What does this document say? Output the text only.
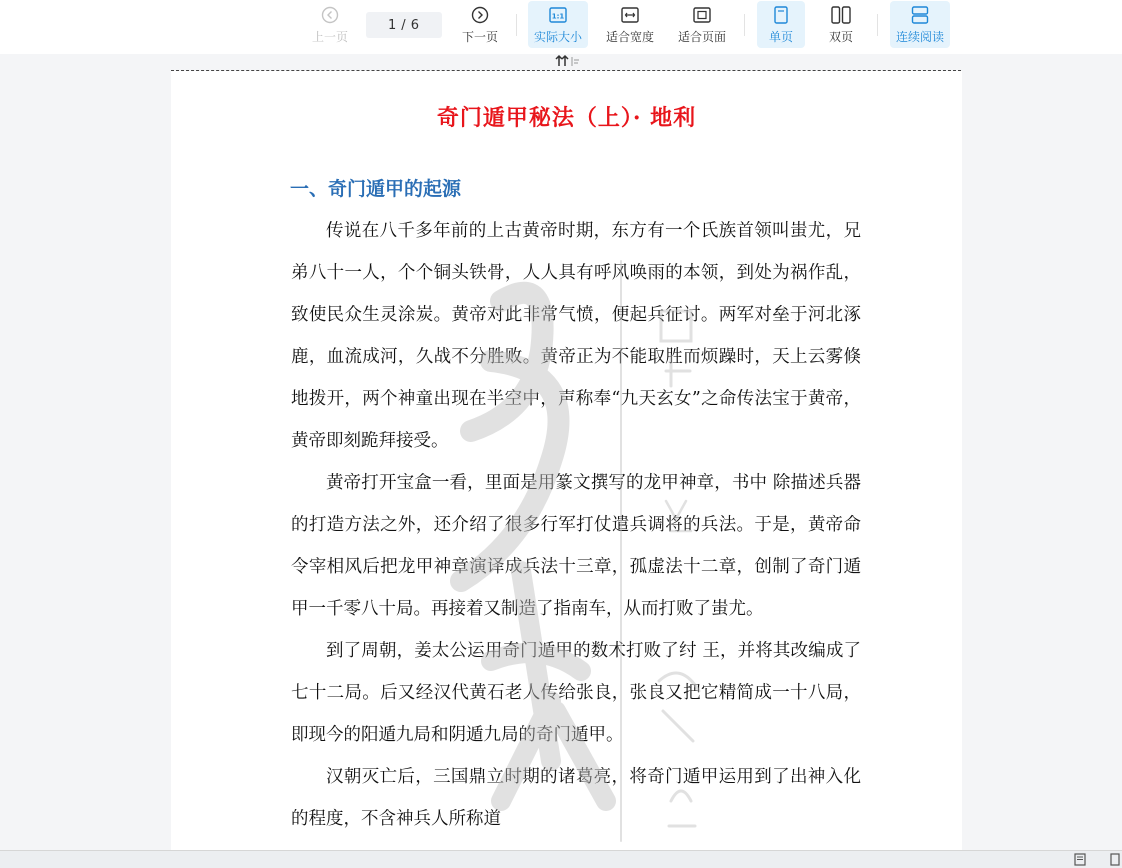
上一页
1 / 6
下一页
1:1
实际大小 适合宽度 适合页面	单页	双页	连续阅读
奇门遁甲秘法（上）· 地利
一、奇门遁甲的起源

传说在八千多年前的上古黄帝时期，东方有一个氏族首领叫蚩尤，兄弟八十一人，个个铜头铁骨，人人具有呼风唤雨的本领，到处为祸作乱，致使民众生灵涂炭。黄帝对此非常气愤，便起兵征讨。两军对垒于河北涿鹿，血流成河，久战不分胜败。黄帝正为不能取胜而烦躁时，天上云雾倏地拨开，两个神童出现在半空中，声称奉“九天玄女”之命传法宝于黄帝，黄帝即刻跪拜接受。

黄帝打开宝盒一看，里面是用篆文撰写的龙甲神章，书中 除描述兵器的打造方法之外，还介绍了很多行军打仗遣兵调将的兵法。于是，黄帝命令宰相风后把龙甲神章演译成兵法十三章，孤虚法十二章，创制了奇门遁甲一千零八十局。再接着又制造了指南车，从而打败了蚩尤。

到了周朝，姜太公运用奇门遁甲的数术打败了纣 王，并将其改编成了七十二局。后又经汉代黄石老人传给张良，张良又把它精简成一十八局，即现今的阳遁九局和阴遁九局的奇门遁甲。

汉朝灭亡后，三国鼎立时期的诸葛亮，将奇门遁甲运用到了出神入化的程度，不含神兵人所称道
